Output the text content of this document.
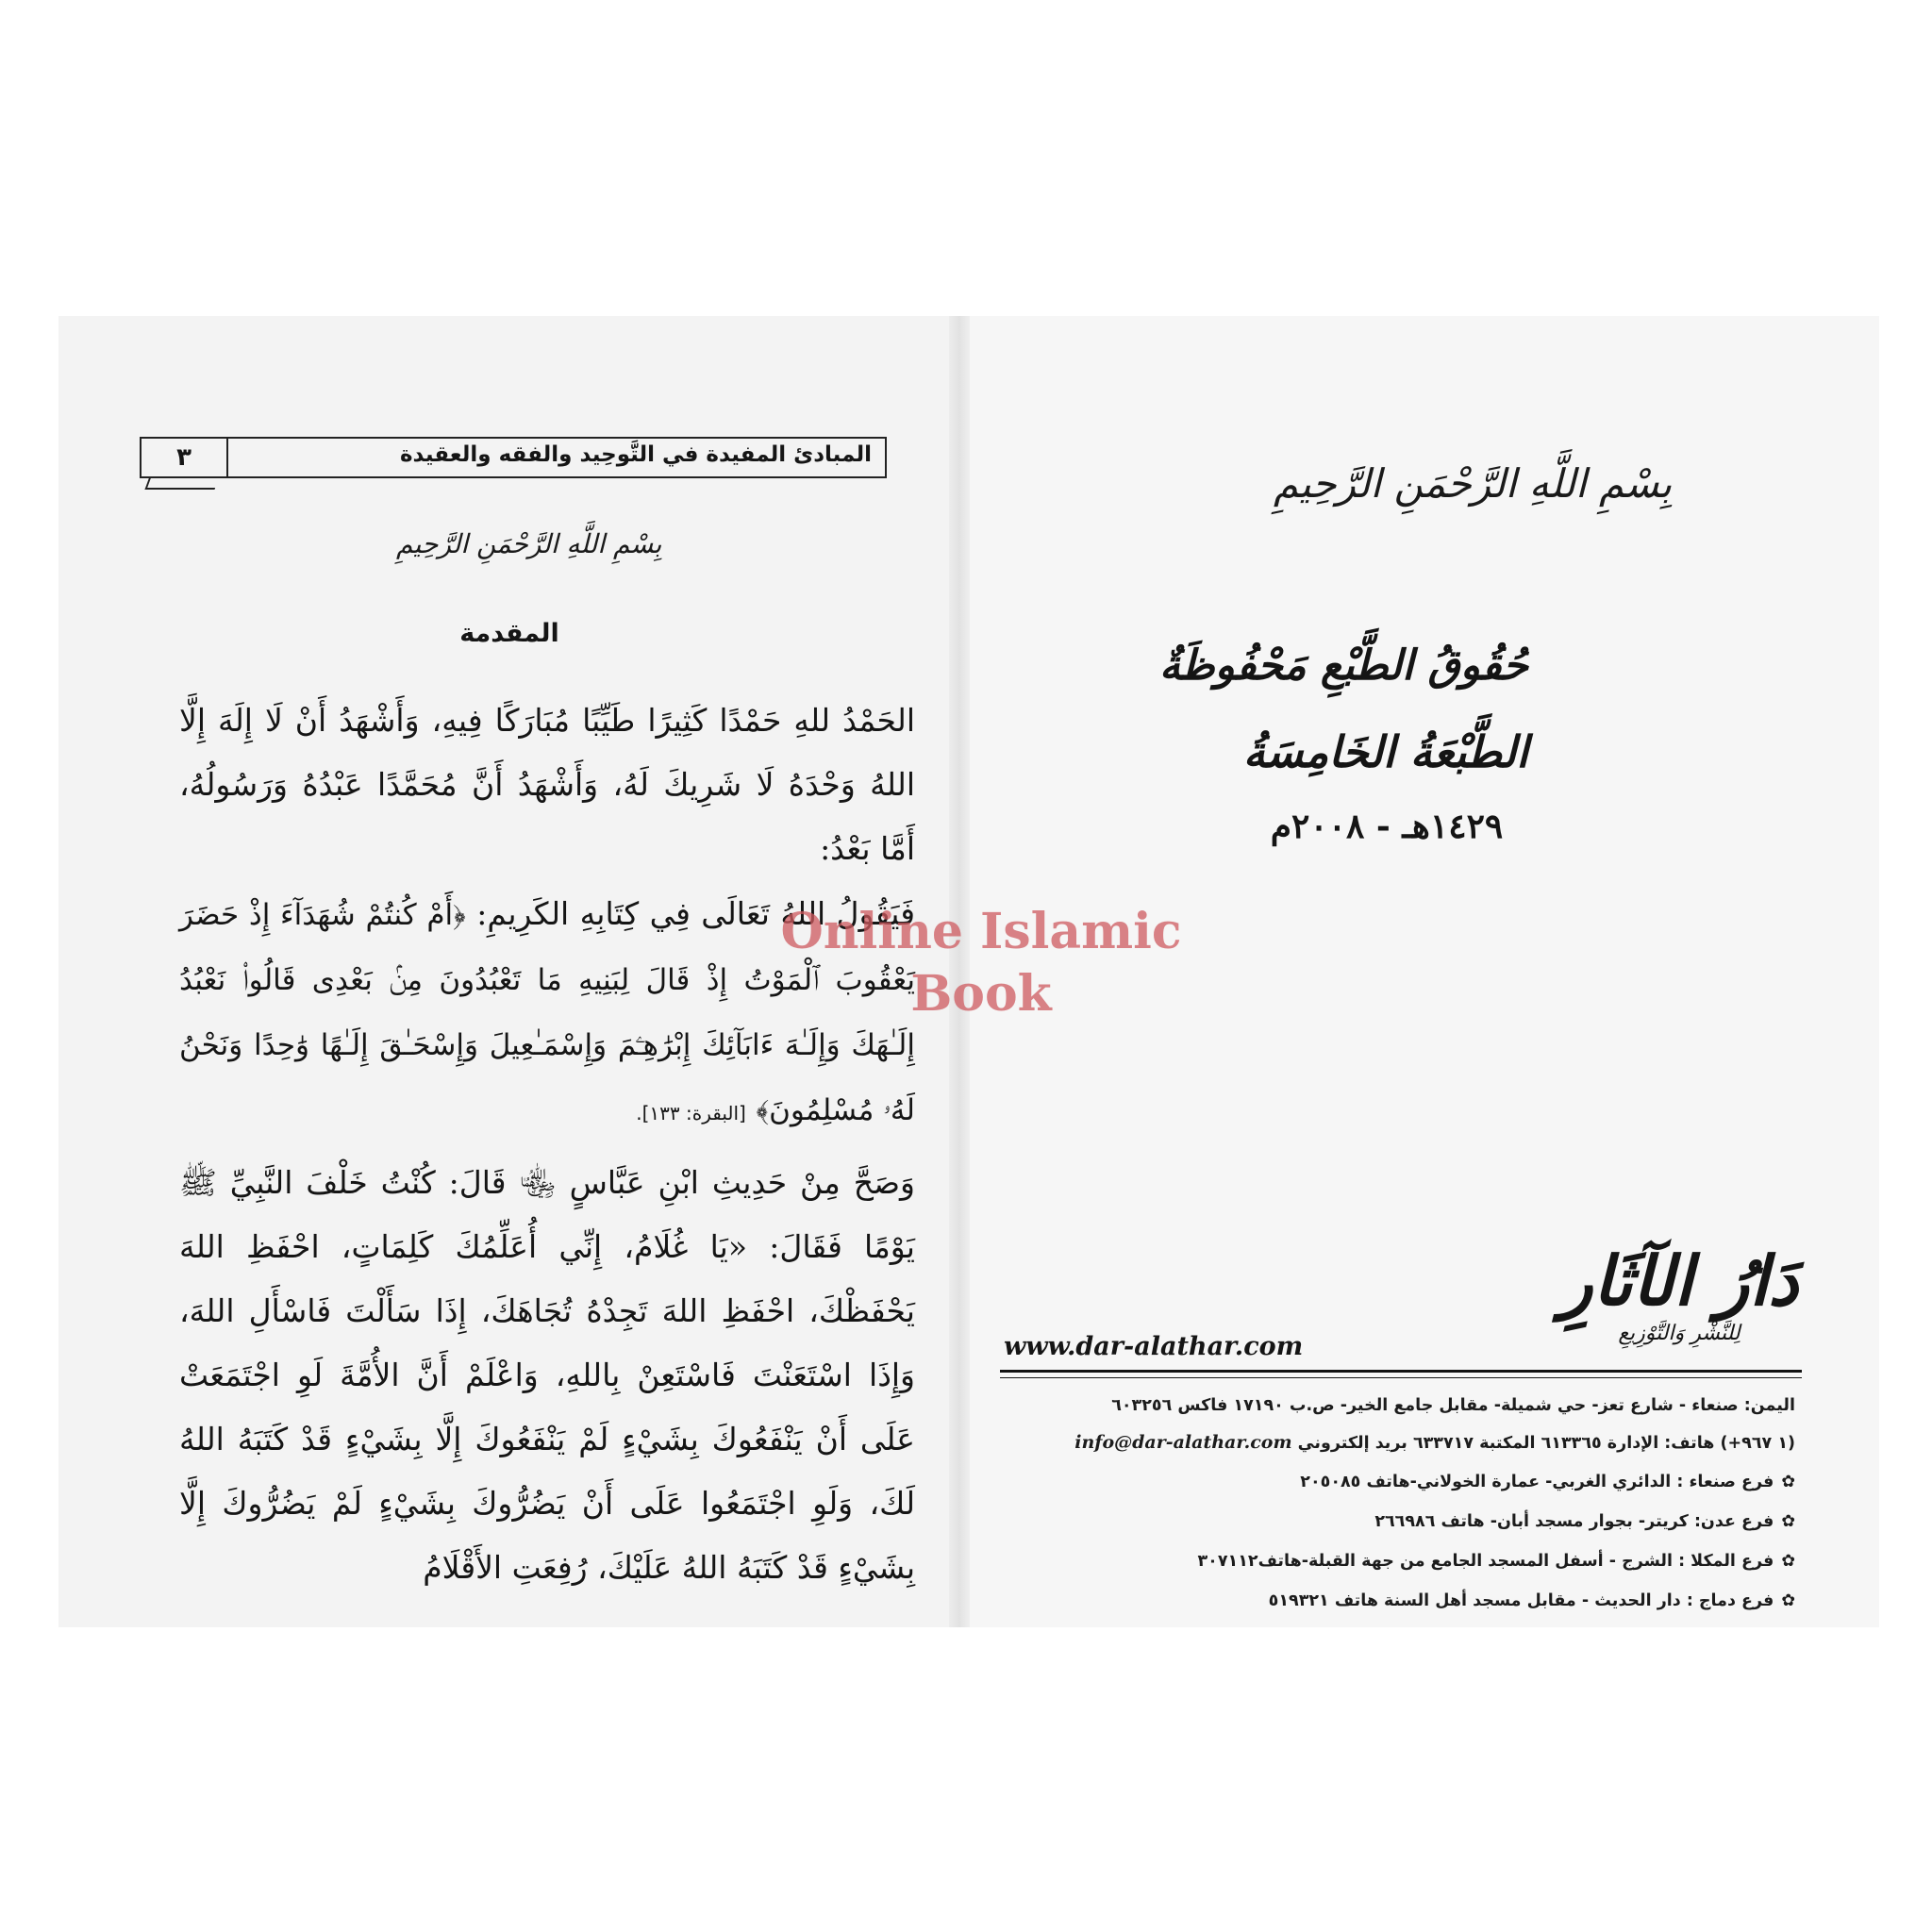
٣	المبادئ المفيدة في التَّوحِيد والفقه والعقيدة
بِسْمِ اللَّهِ الرَّحْمَنِ الرَّحِيمِ
المقدمة
الحَمْدُ للهِ حَمْدًا كَثِيرًا طَيِّبًا مُبَارَكًا فِيهِ، وَأَشْهَدُ أَنْ لَا إِلَهَ إِلَّا اللهُ وَحْدَهُ لَا شَرِيكَ لَهُ، وَأَشْهَدُ أَنَّ مُحَمَّدًا عَبْدُهُ وَرَسُولُهُ، أَمَّا بَعْدُ:
فَيَقُولُ اللهُ تَعَالَى فِي كِتَابِهِ الكَرِيمِ: ﴿أَمْ كُنتُمْ شُهَدَآءَ إِذْ حَضَرَ يَعْقُوبَ ٱلْمَوْتُ إِذْ قَالَ لِبَنِيهِ مَا تَعْبُدُونَ مِنۢ بَعْدِى قَالُوا۟ نَعْبُدُ إِلَـٰهَكَ وَإِلَـٰهَ ءَابَآئِكَ إِبْرَٰهِـۧمَ وَإِسْمَـٰعِيلَ وَإِسْحَـٰقَ إِلَـٰهًا وَٰحِدًا وَنَحْنُ لَهُۥ مُسْلِمُونَ﴾ [البقرة: ١٣٣].
وَصَحَّ مِنْ حَدِيثِ ابْنِ عَبَّاسٍ ﵄ قَالَ: كُنْتُ خَلْفَ النَّبِيِّ ﷺ يَوْمًا فَقَالَ: «يَا غُلَامُ، إِنِّي أُعَلِّمُكَ كَلِمَاتٍ، احْفَظِ اللهَ يَحْفَظْكَ، احْفَظِ اللهَ تَجِدْهُ تُجَاهَكَ، إِذَا سَأَلْتَ فَاسْأَلِ اللهَ، وَإِذَا اسْتَعَنْتَ فَاسْتَعِنْ بِاللهِ، وَاعْلَمْ أَنَّ الأُمَّةَ لَوِ اجْتَمَعَتْ عَلَى أَنْ يَنْفَعُوكَ بِشَيْءٍ لَمْ يَنْفَعُوكَ إِلَّا بِشَيْءٍ قَدْ كَتَبَهُ اللهُ لَكَ، وَلَوِ اجْتَمَعُوا عَلَى أَنْ يَضُرُّوكَ بِشَيْءٍ لَمْ يَضُرُّوكَ إِلَّا بِشَيْءٍ قَدْ كَتَبَهُ اللهُ عَلَيْكَ، رُفِعَتِ الأَقْلَامُ
بِسْمِ اللَّهِ الرَّحْمَنِ الرَّحِيمِ
حُقُوقُ الطَّبْعِ مَحْفُوظَةٌ
الطَّبْعَةُ الخَامِسَةُ
١٤٢٩هـ - ٢٠٠٨م
دَارُ الآثَارِ
لِلنَّشْرِ وَالتَّوْزِيعِ
www.dar-alathar.com
اليمن: صنعاء - شارع تعز- حي شميلة- مقابل جامع الخير- ص.ب ١٧١٩٠ فاكس ٦٠٣٢٥٦
(١ ٩٦٧+) هاتف: الإدارة ٦١٣٣٦٥ المكتبة ٦٣٣٧١٧ بريد إلكتروني info@dar-alathar.com
✿فرع صنعاء : الدائري الغربي- عمارة الخولاني-هاتف ٢٠٥٠٨٥
✿فرع عدن: كريتر- بجوار مسجد أبان- هاتف ٢٦٦٩٨٦
✿فرع المكلا : الشرج - أسفل المسجد الجامع من جهة القبلة-هاتف٣٠٧١١٢
✿فرع دماج : دار الحديث - مقابل مسجد أهل السنة هاتف ٥١٩٣٢١
Online Islamic
Book
